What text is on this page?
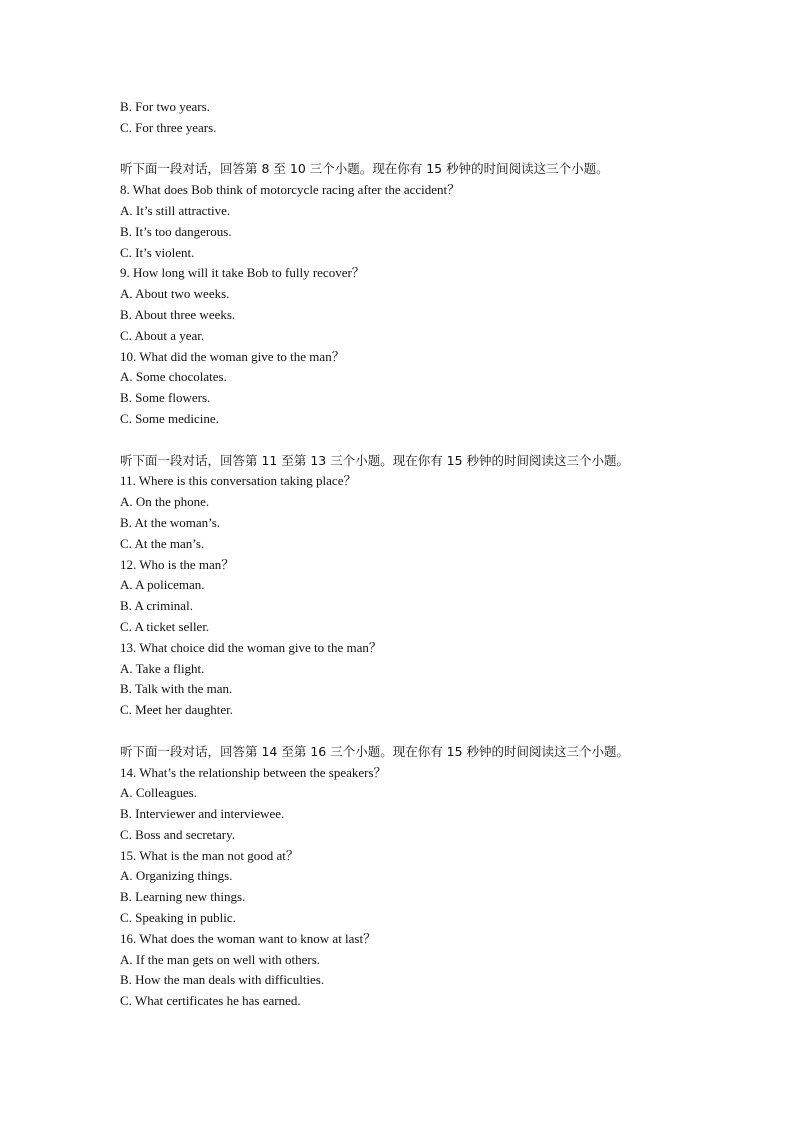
B. For two years.
C. For three years.
听下面一段对话，回答第 8 至 10 三个小题。现在你有 15 秒钟的时间阅读这三个小题。
8. What does Bob think of motorcycle racing after the accident？
A. It’s still attractive.
B. It’s too dangerous.
C. It’s violent.
9. How long will it take Bob to fully recover？
A. About two weeks.
B. About three weeks.
C. About a year.
10. What did the woman give to the man？
A. Some chocolates.
B. Some flowers.
C. Some medicine.
听下面一段对话，回答第 11 至第 13 三个小题。现在你有 15 秒钟的时间阅读这三个小题。
11. Where is this conversation taking place？
A. On the phone.
B. At the woman’s.
C. At the man’s.
12. Who is the man？
A. A policeman.
B. A criminal.
C. A ticket seller.
13. What choice did the woman give to the man？
A. Take a flight.
B. Talk with the man.
C. Meet her daughter.
听下面一段对话，回答第 14 至第 16 三个小题。现在你有 15 秒钟的时间阅读这三个小题。
14. What’s the relationship between the speakers？
A. Colleagues.
B. Interviewer and interviewee.
C. Boss and secretary.
15. What is the man not good at？
A. Organizing things.
B. Learning new things.
C. Speaking in public.
16. What does the woman want to know at last？
A. If the man gets on well with others.
B. How the man deals with difficulties.
C. What certificates he has earned.
